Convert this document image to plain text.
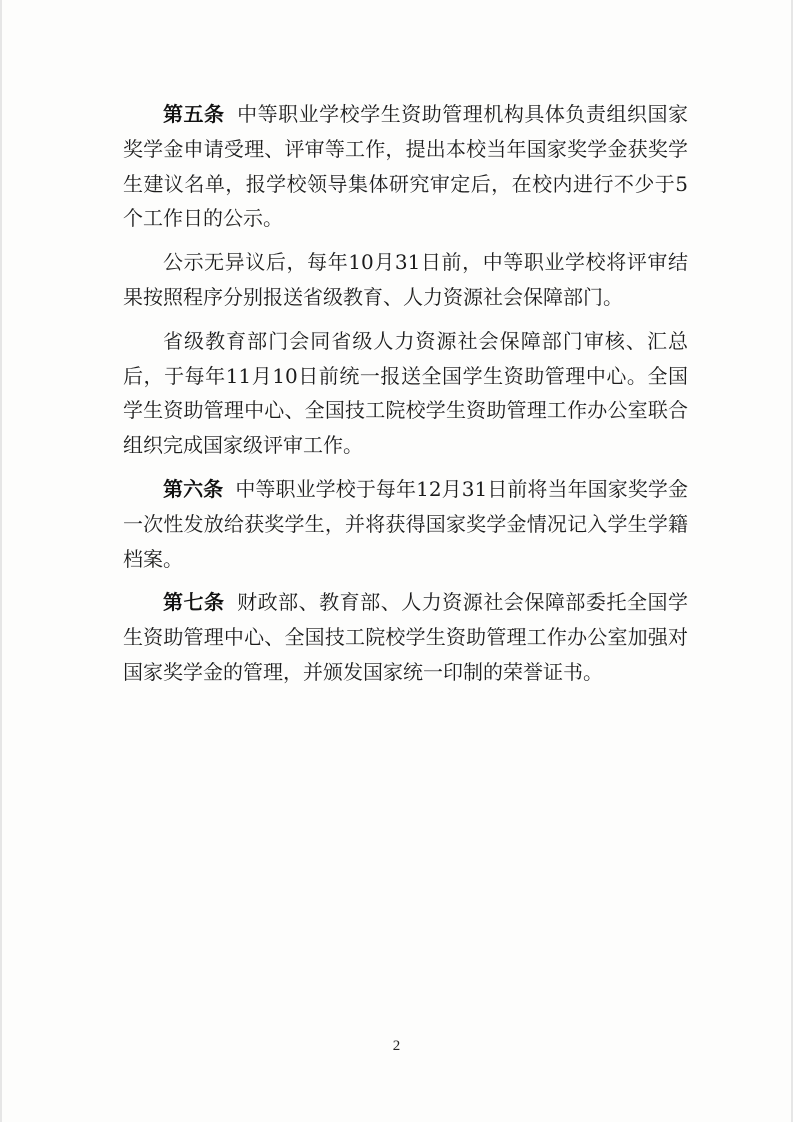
第五条 中等职业学校学生资助管理机构具体负责组织国家奖学金申请受理、评审等工作，提出本校当年国家奖学金获奖学生建议名单，报学校领导集体研究审定后，在校内进行不少于5个工作日的公示。

公示无异议后，每年10月31日前，中等职业学校将评审结果按照程序分别报送省级教育、人力资源社会保障部门。

省级教育部门会同省级人力资源社会保障部门审核、汇总后，于每年11月10日前统一报送全国学生资助管理中心。全国学生资助管理中心、全国技工院校学生资助管理工作办公室联合组织完成国家级评审工作。

第六条 中等职业学校于每年12月31日前将当年国家奖学金一次性发放给获奖学生，并将获得国家奖学金情况记入学生学籍档案。

第七条 财政部、教育部、人力资源社会保障部委托全国学生资助管理中心、全国技工院校学生资助管理工作办公室加强对国家奖学金的管理，并颁发国家统一印制的荣誉证书。

2
